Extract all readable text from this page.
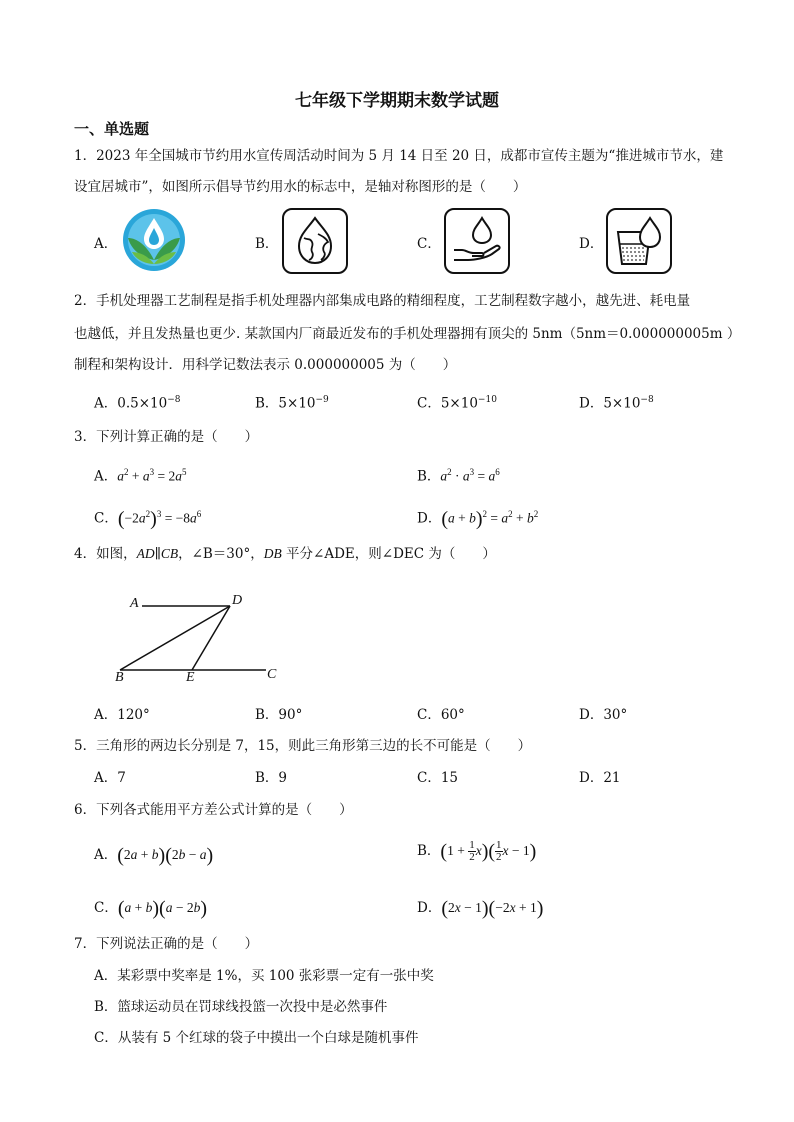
七年级下学期期末数学试题
一、单选题
1．2023 年全国城市节约用水宣传周活动时间为 5 月 14 日至 20 日，成都市宣传主题为“推进城市节水，建
设宜居城市”，如图所示倡导节约用水的标志中，是轴对称图形的是（　　）
A．	B．	C．	D．
2．手机处理器工艺制程是指手机处理器内部集成电路的精细程度，工艺制程数字越小，越先进、耗电量
也越低，并且发热量也更少. 某款国内厂商最近发布的手机处理器拥有顶尖的 5nm（5nm＝0.000000005m ）
制程和架构设计．用科学记数法表示 0.000000005 为（　　）
A．$0.5\times 10^{-8}$	B．$5\times 10^{-9}$	C．$5\times 10^{-10}$	D．$5\times 10^{-8}$
3．下列计算正确的是（　　）
A．$a^2 + a^3 = 2a^5$	B．$a^2 \cdot a^3 = a^6$
C．$(-2a^2)^3 = -8a^6$	D．$(a + b)^2 = a^2 + b^2$
4．如图，AD∥CB，∠B＝30°，DB 平分∠ADE，则∠DEC 为（　　）
A	D
B	E	C
A．120°	B．90°	C．60°	D．30°
5．三角形的两边长分别是 7，15，则此三角形第三边的长不可能是（　　）
A．7	B．9	C．15	D．21
6．下列各式能用平方差公式计算的是（　　）
A．(2a + b)(2b − a)	B．$(1 + \frac{1}{2} x)( \frac{1}{2}$ x − 1)
C．(a + b)(a − 2b)	D．(2x − 1)(−2x + 1)
7．下列说法正确的是（　　）
A．某彩票中奖率是 1%，买 100 张彩票一定有一张中奖
B．篮球运动员在罚球线投篮一次投中是必然事件
C．从装有 5 个红球的袋子中摸出一个白球是随机事件
